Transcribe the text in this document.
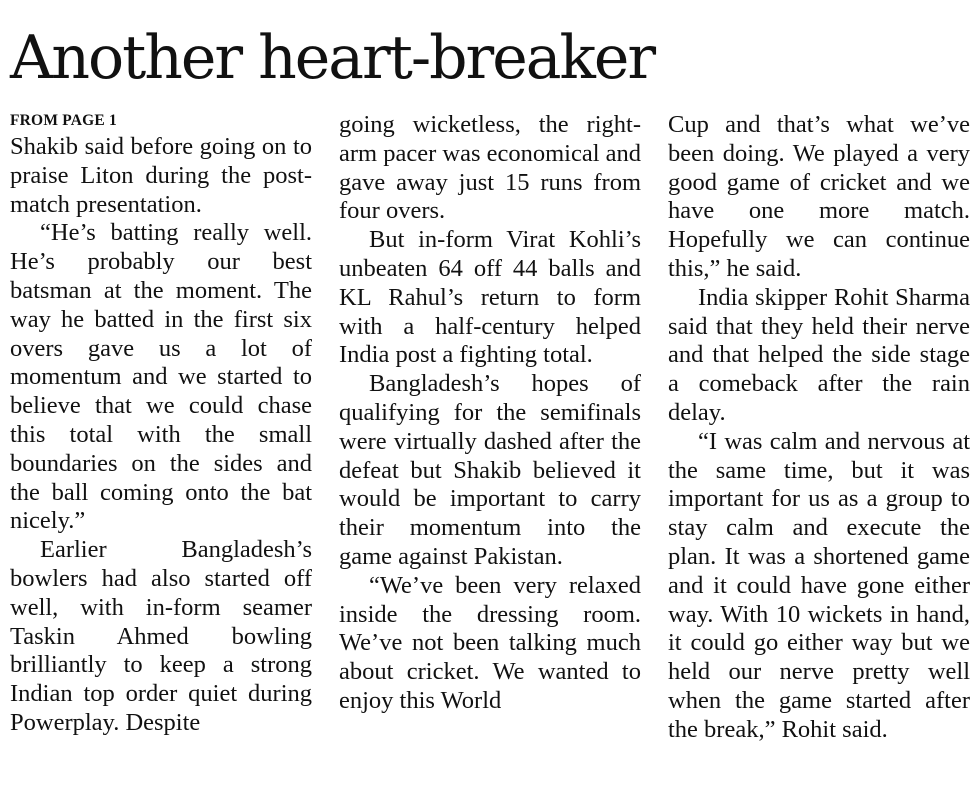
Another heart-breaker
FROM PAGE 1

Shakib said before going on to praise Liton during the post-match presentation.

“He’s batting really well. He’s probably our best batsman at the moment. The way he batted in the first six overs gave us a lot of momentum and we started to believe that we could chase this total with the small boundaries on the sides and the ball coming onto the bat nicely.”

Earlier Bangladesh’s bowlers had also started off well, with in-form seamer Taskin Ahmed bowling brilliantly to keep a strong Indian top order quiet during Powerplay. Despite

going wicketless, the right-arm pacer was economical and gave away just 15 runs from four overs.

But in-form Virat Kohli’s unbeaten 64 off 44 balls and KL Rahul’s return to form with a half-century helped India post a fighting total.

Bangladesh’s hopes of qualifying for the semifinals were virtually dashed after the defeat but Shakib believed it would be important to carry their momentum into the game against Pakistan.

“We’ve been very relaxed inside the dressing room. We’ve not been talking much about cricket. We wanted to enjoy this World

Cup and that’s what we’ve been doing. We played a very good game of cricket and we have one more match. Hopefully we can continue this,” he said.

India skipper Rohit Sharma said that they held their nerve and that helped the side stage a comeback after the rain delay.

“I was calm and nervous at the same time, but it was important for us as a group to stay calm and execute the plan. It was a shortened game and it could have gone either way. With 10 wickets in hand, it could go either way but we held our nerve pretty well when the game started after the break,” Rohit said.
